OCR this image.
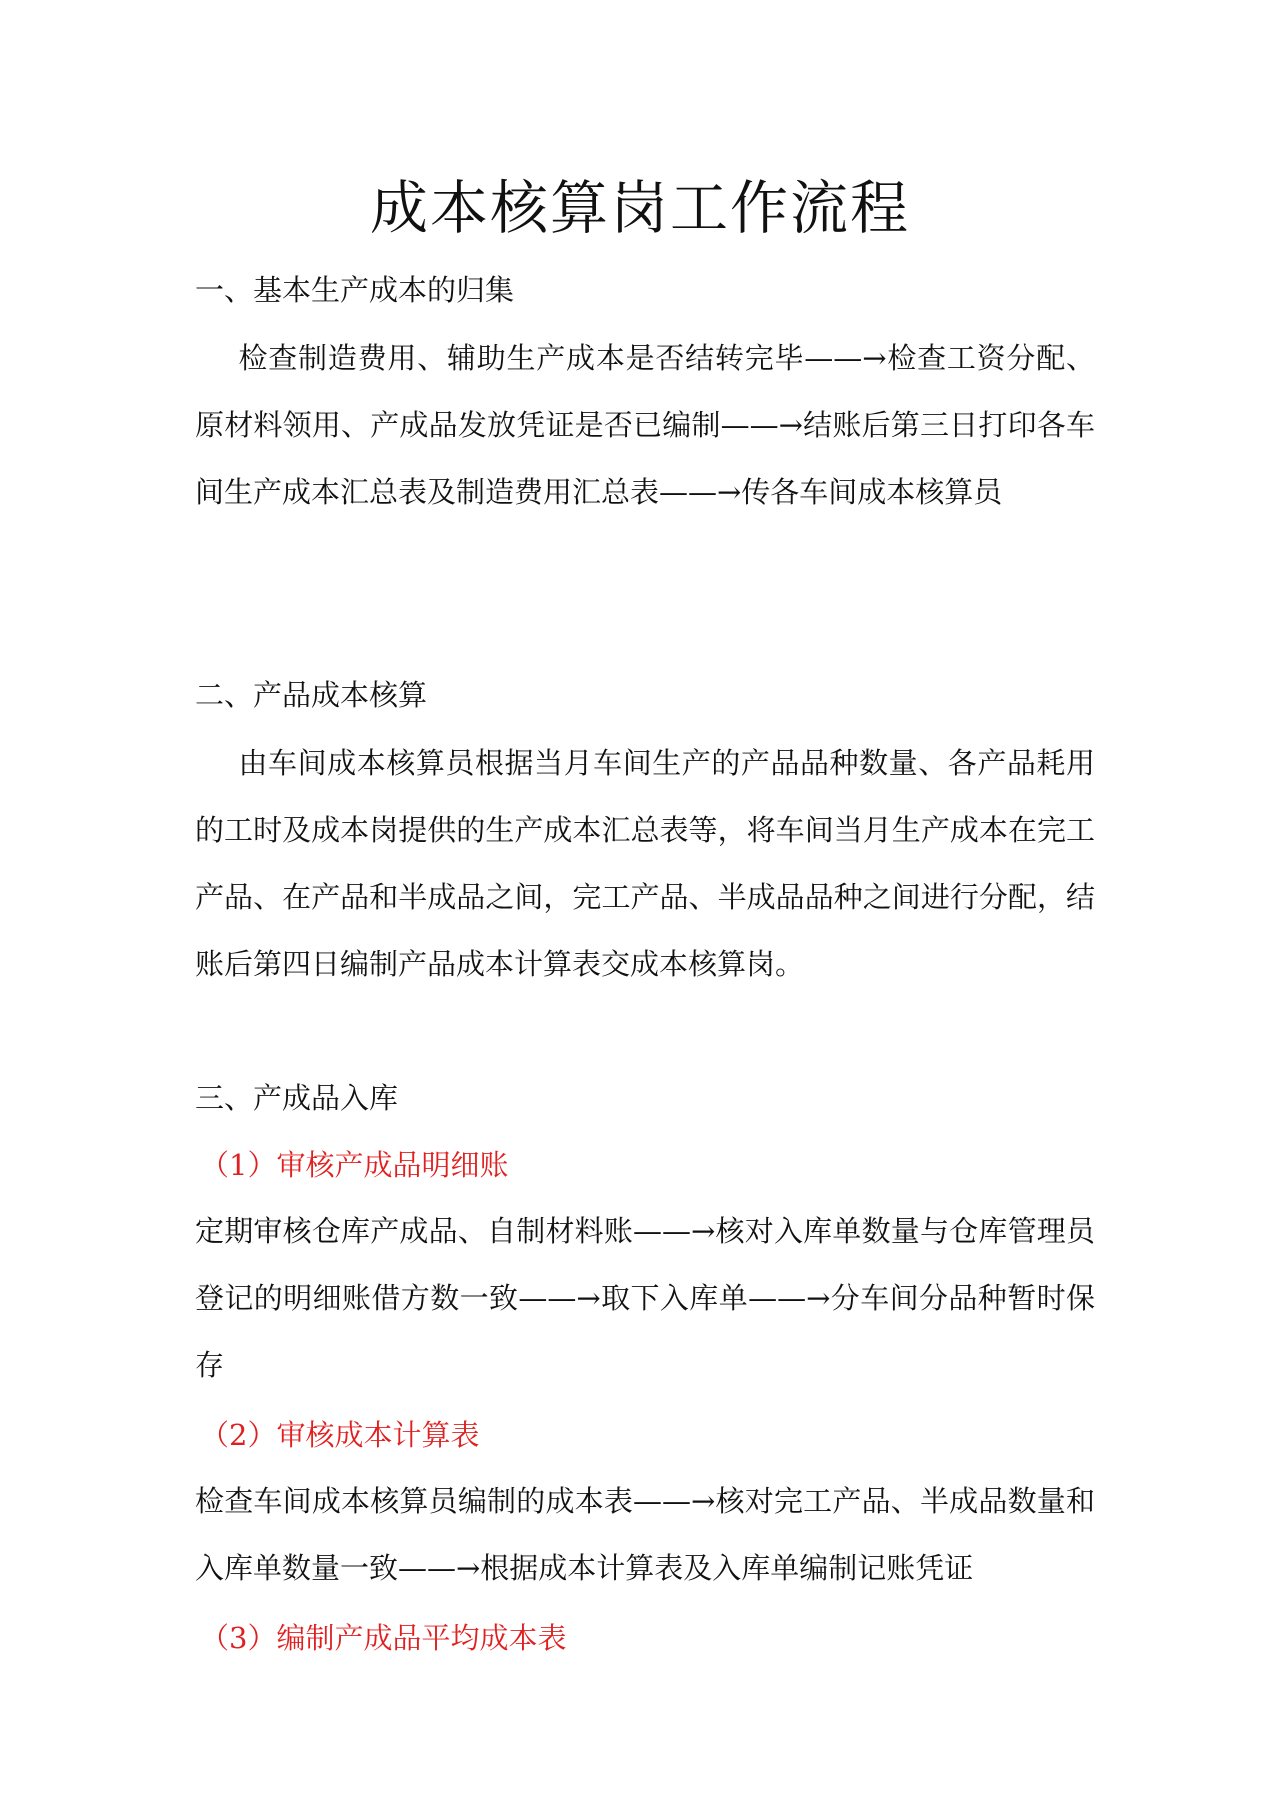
成本核算岗工作流程
一、基本生产成本的归集

检查制造费用、辅助生产成本是否结转完毕——→检查工资分配、原材料领用、产成品发放凭证是否已编制——→结账后第三日打印各车间生产成本汇总表及制造费用汇总表——→传各车间成本核算员

二、产品成本核算

由车间成本核算员根据当月车间生产的产品品种数量、各产品耗用的工时及成本岗提供的生产成本汇总表等，将车间当月生产成本在完工产品、在产品和半成品之间，完工产品、半成品品种之间进行分配，结账后第四日编制产品成本计算表交成本核算岗。

三、产成品入库
（1）审核产成品明细账

定期审核仓库产成品、自制材料账——→核对入库单数量与仓库管理员登记的明细账借方数一致——→取下入库单——→分车间分品种暂时保存

（2）审核成本计算表

检查车间成本核算员编制的成本表——→核对完工产品、半成品数量和入库单数量一致——→根据成本计算表及入库单编制记账凭证

（3）编制产成品平均成本表
